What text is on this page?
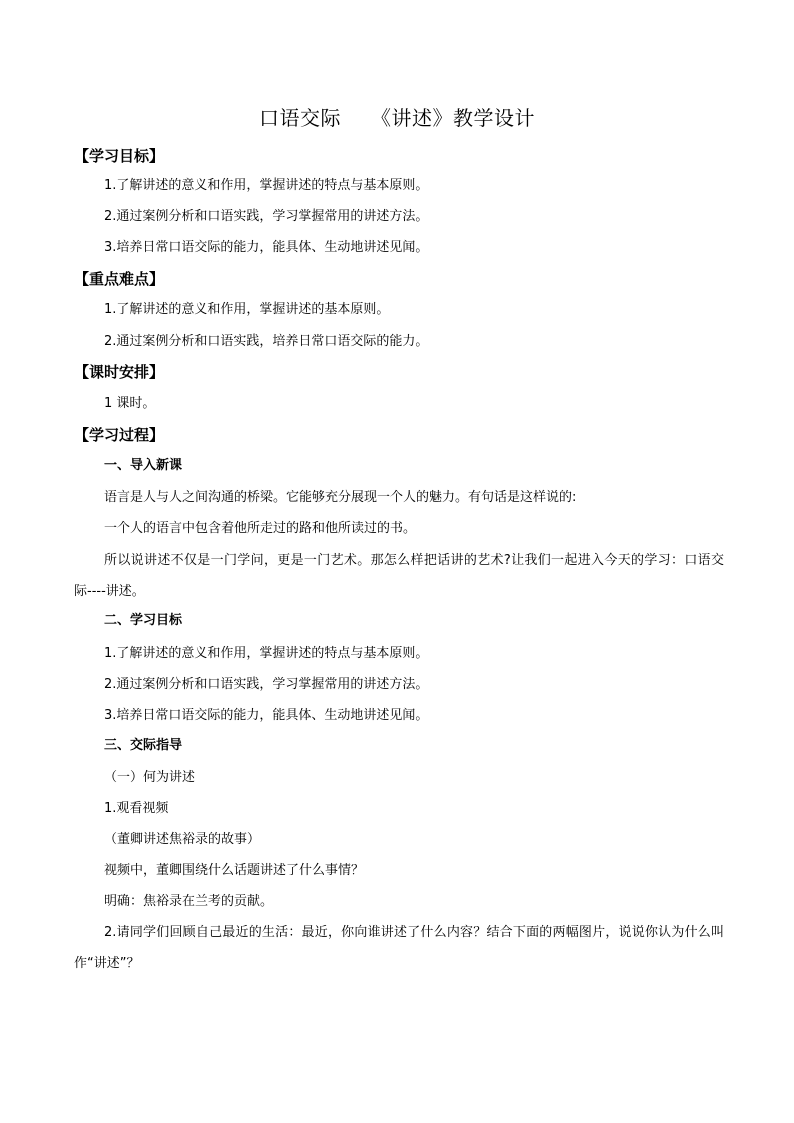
口语交际 《讲述》教学设计
【学习目标】
1.了解讲述的意义和作用，掌握讲述的特点与基本原则。
2.通过案例分析和口语实践，学习掌握常用的讲述方法。
3.培养日常口语交际的能力，能具体、生动地讲述见闻。
【重点难点】
1.了解讲述的意义和作用，掌握讲述的基本原则。
2.通过案例分析和口语实践，培养日常口语交际的能力。
【课时安排】
1 课时。
【学习过程】
一、导入新课
语言是人与人之间沟通的桥梁。它能够充分展现一个人的魅力。有句话是这样说的:
一个人的语言中包含着他所走过的路和他所读过的书。
所以说讲述不仅是一门学问，更是一门艺术。那怎么样把话讲的艺术?让我们一起进入今天的学习：口语交际----讲述。
二、学习目标
1.了解讲述的意义和作用，掌握讲述的特点与基本原则。
2.通过案例分析和口语实践，学习掌握常用的讲述方法。
3.培养日常口语交际的能力，能具体、生动地讲述见闻。
三、交际指导
（一）何为讲述
1.观看视频
（董卿讲述焦裕录的故事）
视频中，董卿围绕什么话题讲述了什么事情？
明确：焦裕录在兰考的贡献。
2.请同学们回顾自己最近的生活：最近，你向谁讲述了什么内容？结合下面的两幅图片，说说你认为什么叫作“讲述”？
